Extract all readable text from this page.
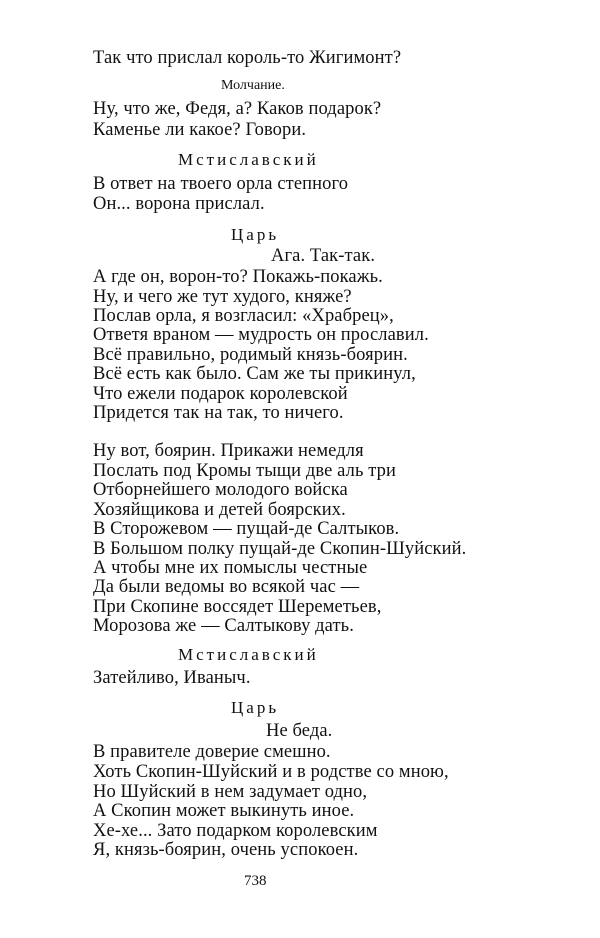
Так что прислал король-то Жигимонт?
Молчание.
Ну, что же, Федя, а? Каков подарок?
Каменье ли какое? Говори.
Мстиславский
В ответ на твоего орла степного
Он... ворона прислал.
Царь
Ага. Так-так.
А где он, ворон-то? Покажь-покажь.
Ну, и чего же тут худого, княже?
Послав орла, я возгласил: «Храбрец»,
Ответя враном — мудрость он прославил.
Всё правильно, родимый князь-боярин.
Всё есть как было. Сам же ты прикинул,
Что ежели подарок королевской
Придется так на так, то ничего.
Ну вот, боярин. Прикажи немедля
Послать под Кромы тыщи две аль три
Отборнейшего молодого войска
Хозяйщикова и детей боярских.
В Сторожевом — пущай-де Салтыков.
В Большом полку пущай-де Скопин-Шуйский.
А чтобы мне их помыслы честные
Да были ведомы во всякой час —
При Скопине воссядет Шереметьев,
Морозова же — Салтыкову дать.
Мстиславский
Затейливо, Иваныч.
Царь
Не беда.
В правителе доверие смешно.
Хоть Скопин-Шуйский и в родстве со мною,
Но Шуйский в нем задумает одно,
А Скопин может выкинуть иное.
Хе-хе... Зато подарком королевским
Я, князь-боярин, очень успокоен.
738
